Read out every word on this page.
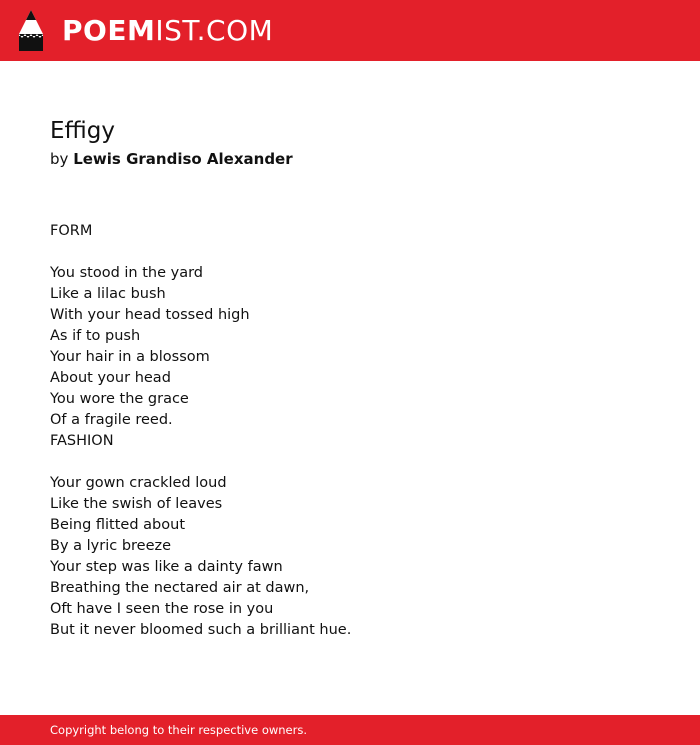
POEMIST.COM
Effigy
by Lewis Grandiso Alexander
FORM
You stood in the yard
Like a lilac bush
With your head tossed high
As if to push
Your hair in a blossom
About your head
You wore the grace
Of a fragile reed.
FASHION
Your gown crackled loud
Like the swish of leaves
Being flitted about
By a lyric breeze
Your step was like a dainty fawn
Breathing the nectared air at dawn,
Oft have I seen the rose in you
But it never bloomed such a brilliant hue.
Copyright belong to their respective owners.
